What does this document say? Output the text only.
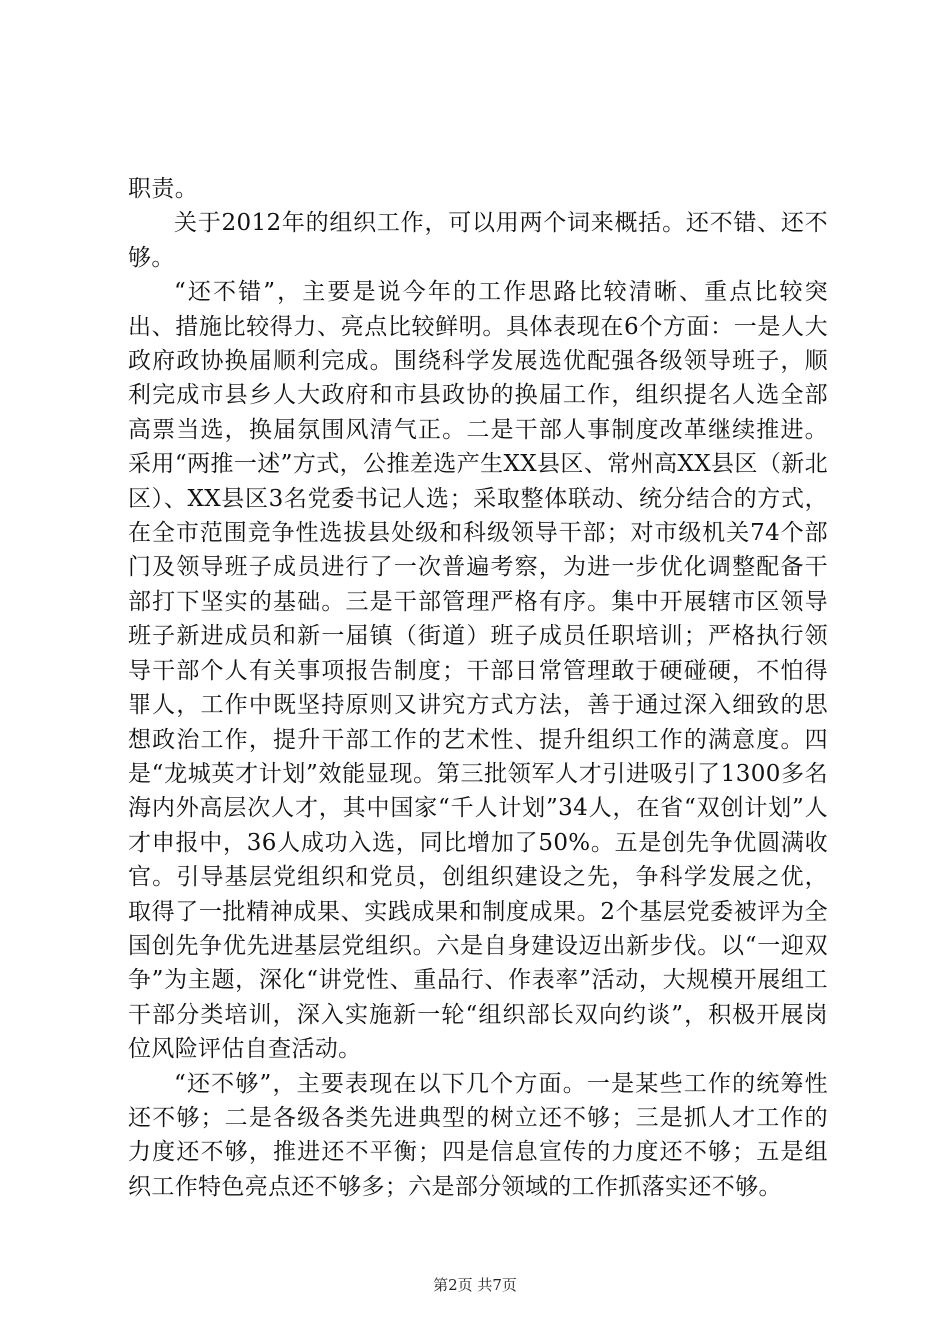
职责。

关于2012年的组织工作，可以用两个词来概括。还不错、还不够。

“还不错”，主要是说今年的工作思路比较清晰、重点比较突出、措施比较得力、亮点比较鲜明。具体表现在6个方面：一是人大政府政协换届顺利完成。围绕科学发展选优配强各级领导班子，顺利完成市县乡人大政府和市县政协的换届工作，组织提名人选全部高票当选，换届氛围风清气正。二是干部人事制度改革继续推进。采用“两推一述”方式，公推差选产生XX县区、常州高XX县区（新北区）、XX县区3名党委书记人选；采取整体联动、统分结合的方式，在全市范围竞争性选拔县处级和科级领导干部；对市级机关74个部门及领导班子成员进行了一次普遍考察，为进一步优化调整配备干部打下坚实的基础。三是干部管理严格有序。集中开展辖市区领导班子新进成员和新一届镇（街道）班子成员任职培训；严格执行领导干部个人有关事项报告制度；干部日常管理敢于硬碰硬，不怕得罪人，工作中既坚持原则又讲究方式方法，善于通过深入细致的思想政治工作，提升干部工作的艺术性、提升组织工作的满意度。四是“龙城英才计划”效能显现。第三批领军人才引进吸引了1300多名海内外高层次人才，其中国家“千人计划”34人，在省“双创计划”人才申报中，36人成功入选，同比增加了50%。五是创先争优圆满收官。引导基层党组织和党员，创组织建设之先，争科学发展之优，取得了一批精神成果、实践成果和制度成果。2个基层党委被评为全国创先争优先进基层党组织。六是自身建设迈出新步伐。以“一迎双争”为主题，深化“讲党性、重品行、作表率”活动，大规模开展组工干部分类培训，深入实施新一轮“组织部长双向约谈”，积极开展岗位风险评估自查活动。

“还不够”，主要表现在以下几个方面。一是某些工作的统筹性还不够；二是各级各类先进典型的树立还不够；三是抓人才工作的力度还不够，推进还不平衡；四是信息宣传的力度还不够；五是组织工作特色亮点还不够多；六是部分领域的工作抓落实还不够。

第2页 共7页
